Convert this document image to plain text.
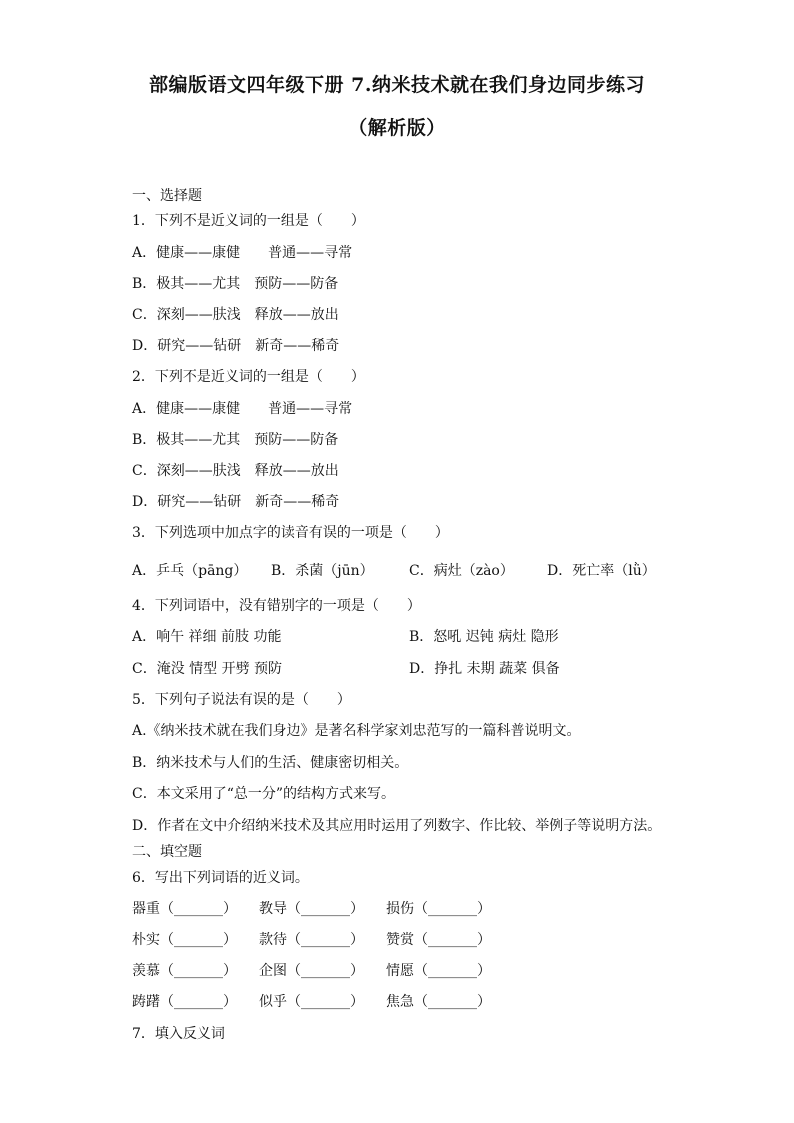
部编版语文四年级下册 7.纳米技术就在我们身边同步练习
（解析版）
一、选择题
1．下列不是近义词的一组是（　　）
A．健康——康健　　普通——寻常
B．极其——尤其　预防——防备
C．深刻——肤浅　释放——放出
D．研究——钻研　新奇——稀奇
2．下列不是近义词的一组是（　　）
A．健康——康健　　普通——寻常
B．极其——尤其　预防——防备
C．深刻——肤浅　释放——放出
D．研究——钻研　新奇——稀奇
3．下列选项中加点字的读音有误的一项是（　　）
A．乒乓（pāng） B．杀菌（jūn）	C．病灶（zào） D．死亡率（lǜ）
4．下列词语中，没有错别字的一项是（　　）
A．响午 祥细 前肢 功能	B．怒吼 迟钝 病灶 隐形
C．淹没 情型 开劈 预防	D．挣扎 未期 蔬菜 俱备
5．下列句子说法有误的是（　　）
A.《纳米技术就在我们身边》是著名科学家刘忠范写的一篇科普说明文。
B．纳米技术与人们的生活、健康密切相关。
C．本文采用了“总一分”的结构方式来写。
D．作者在文中介绍纳米技术及其应用时运用了列数字、作比较、举例子等说明方法。
二、填空题
6．写出下列词语的近义词。
器重（_______） 教导（_______） 损伤（_______）
朴实（_______） 款待（_______） 赞赏（_______）
羡慕（_______） 企图（_______） 情愿（_______）
踌躇（_______） 似乎（_______） 焦急（_______）
7．填入反义词
